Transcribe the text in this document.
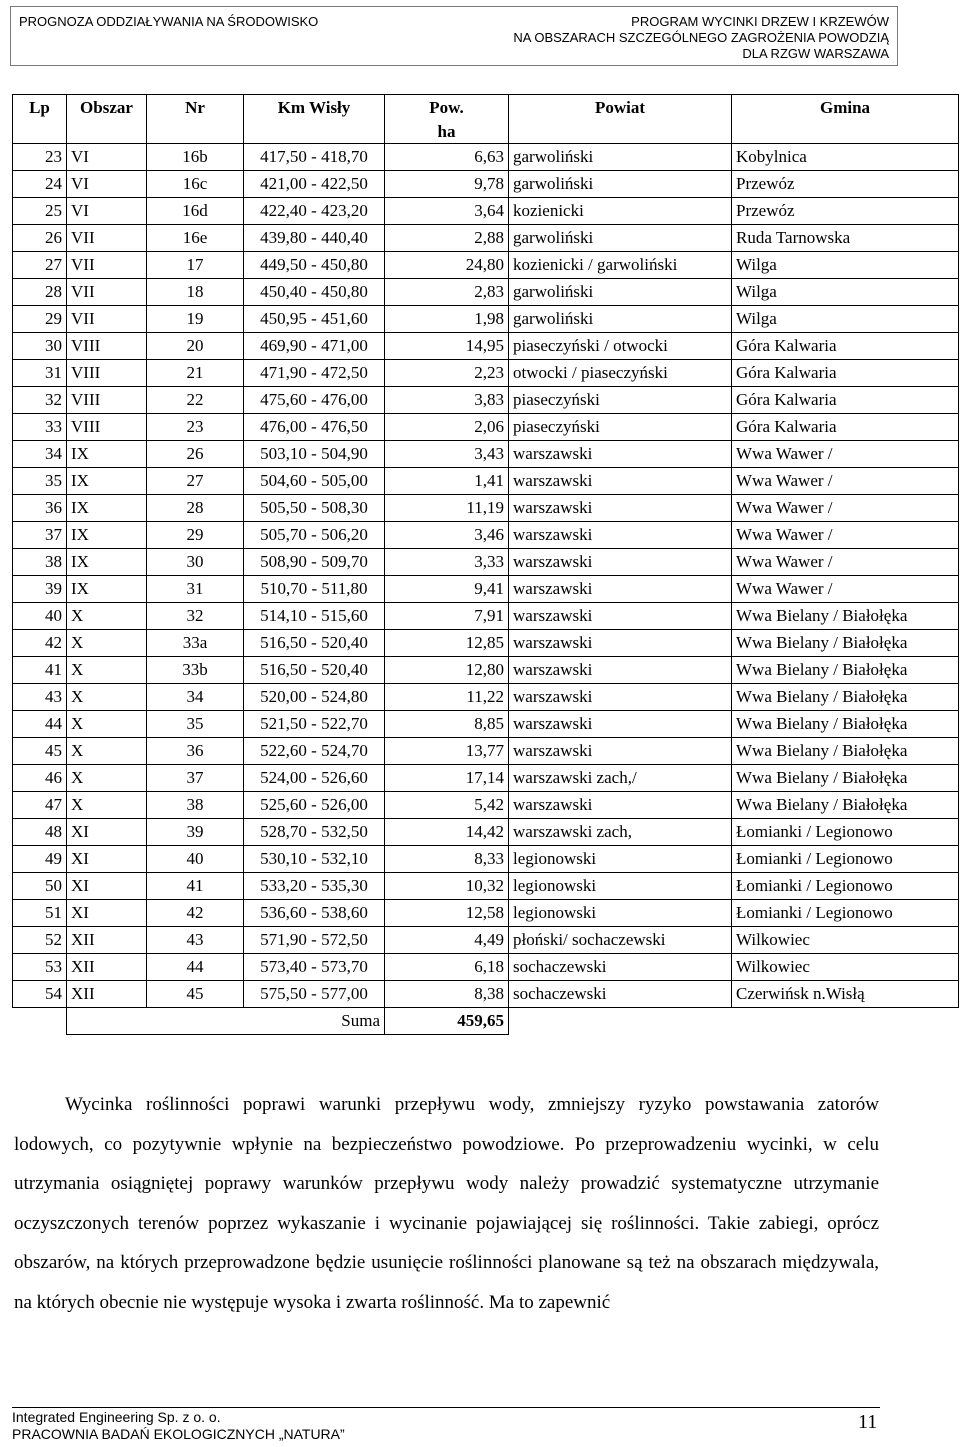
PROGNOZA ODDZIAŁYWANIA NA ŚRODOWISKO	PROGRAM WYCINKI DRZEW I KRZEWÓW
NA OBSZARACH SZCZEGÓLNEGO ZAGROŻENIA POWODZIĄ
DLA RZGW WARSZAWA
Lp	Obszar	Nr	Km Wisły	Pow.	Powiat	Gmina
				ha		
23	VI	16b	417,50 - 418,70	6,63	garwoliński	Kobylnica
24	VI	16c	421,00 - 422,50	9,78	garwoliński	Przewóz
25	VI	16d	422,40 - 423,20	3,64	kozienicki	Przewóz
26	VII	16e	439,80 - 440,40	2,88	garwoliński	Ruda Tarnowska
27	VII	17	449,50 - 450,80	24,80	kozienicki / garwoliński	Wilga
28	VII	18	450,40 - 450,80	2,83	garwoliński	Wilga
29	VII	19	450,95 - 451,60	1,98	garwoliński	Wilga
30	VIII	20	469,90 - 471,00	14,95	piaseczyński / otwocki	Góra Kalwaria
31	VIII	21	471,90 - 472,50	2,23	otwocki / piaseczyński	Góra Kalwaria
32	VIII	22	475,60 - 476,00	3,83	piaseczyński	Góra Kalwaria
33	VIII	23	476,00 - 476,50	2,06	piaseczyński	Góra Kalwaria
34	IX	26	503,10 - 504,90	3,43	warszawski	Wwa Wawer /
35	IX	27	504,60 - 505,00	1,41	warszawski	Wwa Wawer /
36	IX	28	505,50 - 508,30	11,19	warszawski	Wwa Wawer /
37	IX	29	505,70 - 506,20	3,46	warszawski	Wwa Wawer /
38	IX	30	508,90 - 509,70	3,33	warszawski	Wwa Wawer /
39	IX	31	510,70 - 511,80	9,41	warszawski	Wwa Wawer /
40	X	32	514,10 - 515,60	7,91	warszawski	Wwa Bielany / Białołęka
42	X	33a	516,50 - 520,40	12,85	warszawski	Wwa Bielany / Białołęka
41	X	33b	516,50 - 520,40	12,80	warszawski	Wwa Bielany / Białołęka
43	X	34	520,00 - 524,80	11,22	warszawski	Wwa Bielany / Białołęka
44	X	35	521,50 - 522,70	8,85	warszawski	Wwa Bielany / Białołęka
45	X	36	522,60 - 524,70	13,77	warszawski	Wwa Bielany / Białołęka
46	X	37	524,00 - 526,60	17,14	warszawski zach,/	Wwa Bielany / Białołęka
47	X	38	525,60 - 526,00	5,42	warszawski	Wwa Bielany / Białołęka
48	XI	39	528,70 - 532,50	14,42	warszawski zach,	Łomianki / Legionowo
49	XI	40	530,10 - 532,10	8,33	legionowski	Łomianki / Legionowo
50	XI	41	533,20 - 535,30	10,32	legionowski	Łomianki / Legionowo
51	XI	42	536,60 - 538,60	12,58	legionowski	Łomianki / Legionowo
52	XII	43	571,90 - 572,50	4,49	płoński/ sochaczewski	Wilkowiec
53	XII	44	573,40 - 573,70	6,18	sochaczewski	Wilkowiec
54	XII	45	575,50 - 577,00	8,38	sochaczewski	Czerwińsk n.Wisłą
	Suma			459,65		

Wycinka roślinności poprawi warunki przepływu wody, zmniejszy ryzyko powstawania zatorów lodowych, co pozytywnie wpłynie na bezpieczeństwo powodziowe. Po przeprowadzeniu wycinki, w celu utrzymania osiągniętej poprawy warunków przepływu wody należy prowadzić systematyczne utrzymanie oczyszczonych terenów poprzez wykaszanie i wycinanie pojawiającej się roślinności. Takie zabiegi, oprócz obszarów, na których przeprowadzone będzie usunięcie roślinności planowane są też na obszarach międzywala, na których obecnie nie występuje wysoka i zwarta roślinność. Ma to zapewnić

Integrated Engineering Sp. z o. o.
PRACOWNIA BADAŃ EKOLOGICZNYCH „NATURA”
11
